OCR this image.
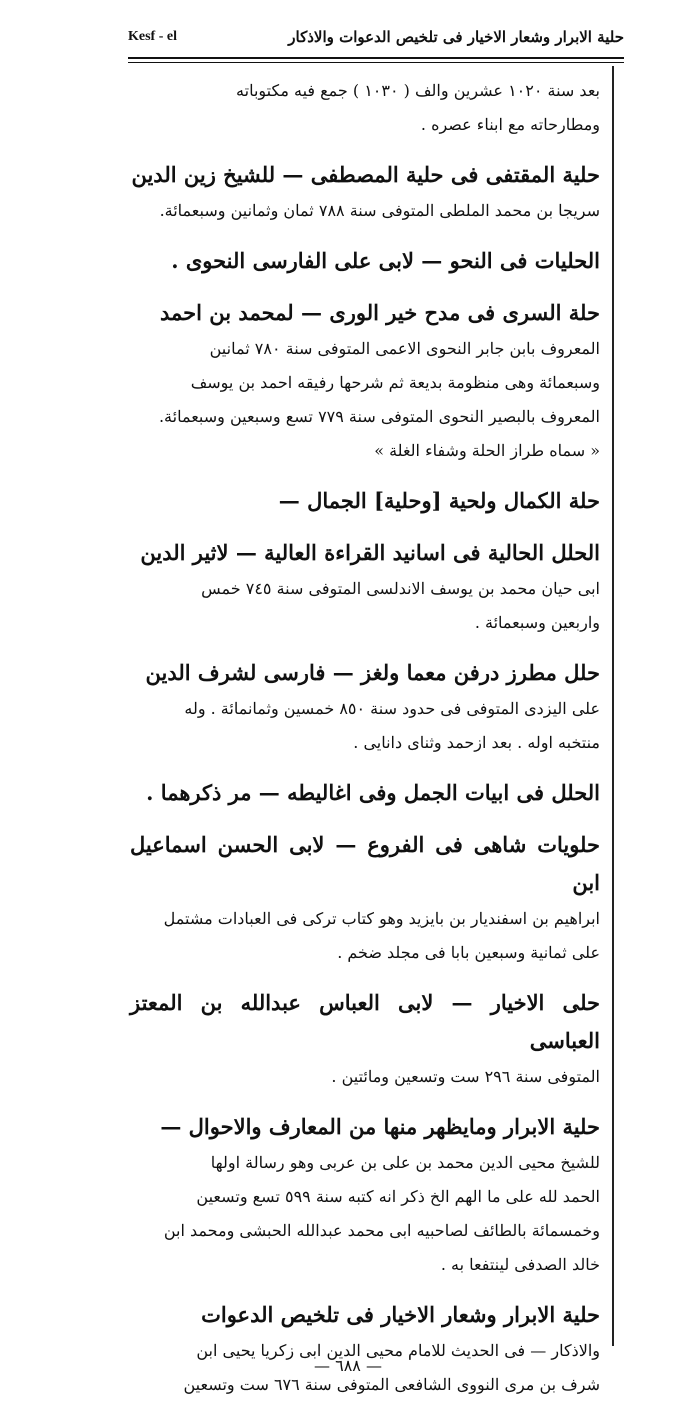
Kesf - el	حلية الابرار وشعار الاخيار فى تلخيص الدعوات والاذكار
بعد سنة ١٠٢٠ عشرين والف ( ١٠٣٠ ) جمع فيه مكتوباته
ومطارحاته مع ابناء عصره .
حلية المقتفى فى حلية المصطفى — للشيخ زين الدين
سريجا بن محمد الملطى المتوفى سنة ٧٨٨ ثمان وثمانين وسبعمائة.
الحليات فى النحو — لابى على الفارسى النحوى .
حلة السرى فى مدح خير الورى — لمحمد بن احمد
المعروف بابن جابر النحوى الاعمى المتوفى سنة ٧٨٠ ثمانين
وسبعمائة وهى منظومة بديعة ثم شرحها رفيقه احمد بن يوسف
المعروف بالبصير النحوى المتوفى سنة ٧٧٩ تسع وسبعين وسبعمائة.
« سماه طراز الحلة وشفاء الغلة »
حلة الكمال ولحية [وحلية] الجمال —
الحلل الحالية فى اسانيد القراءة العالية — لاثير الدين
ابى حيان محمد بن يوسف الاندلسى المتوفى سنة ٧٤٥ خمس
واربعين وسبعمائة .
حلل مطرز درفن معما ولغز — فارسى لشرف الدين
على اليزدى المتوفى فى حدود سنة ٨٥٠ خمسين وثمانمائة . وله
منتخبه اوله . بعد ازحمد وثناى دانايى .
الحلل فى ابيات الجمل وفى اغاليطه — مر ذكرهما .
حلويات شاهى فى الفروع — لابى الحسن اسماعيل ابن
ابراهيم بن اسفنديار بن بايزيد وهو كتاب تركى فى العبادات مشتمل
على ثمانية وسبعين بابا فى مجلد ضخم .
حلى الاخيار — لابى العباس عبدالله بن المعتز العباسى
المتوفى سنة ٢٩٦ ست وتسعين ومائتين .
حلية الابرار ومايظهر منها من المعارف والاحوال —
للشيخ محيى الدين محمد بن على بن عربى وهو رسالة اولها
الحمد لله على ما الهم الخ ذكر انه كتبه سنة ٥٩٩ تسع وتسعين
وخمسمائة بالطائف لصاحبيه ابى محمد عبدالله الحبشى ومحمد ابن
خالد الصدفى لينتفعا به .
حلية الابرار وشعار الاخيار فى تلخيص الدعوات
والاذكار — فى الحديث للامام محيى الدين ابى زكريا يحيى ابن
شرف بن مرى النووى الشافعى المتوفى سنة ٦٧٦ ست وتسعين
— ٦٨٨ —
